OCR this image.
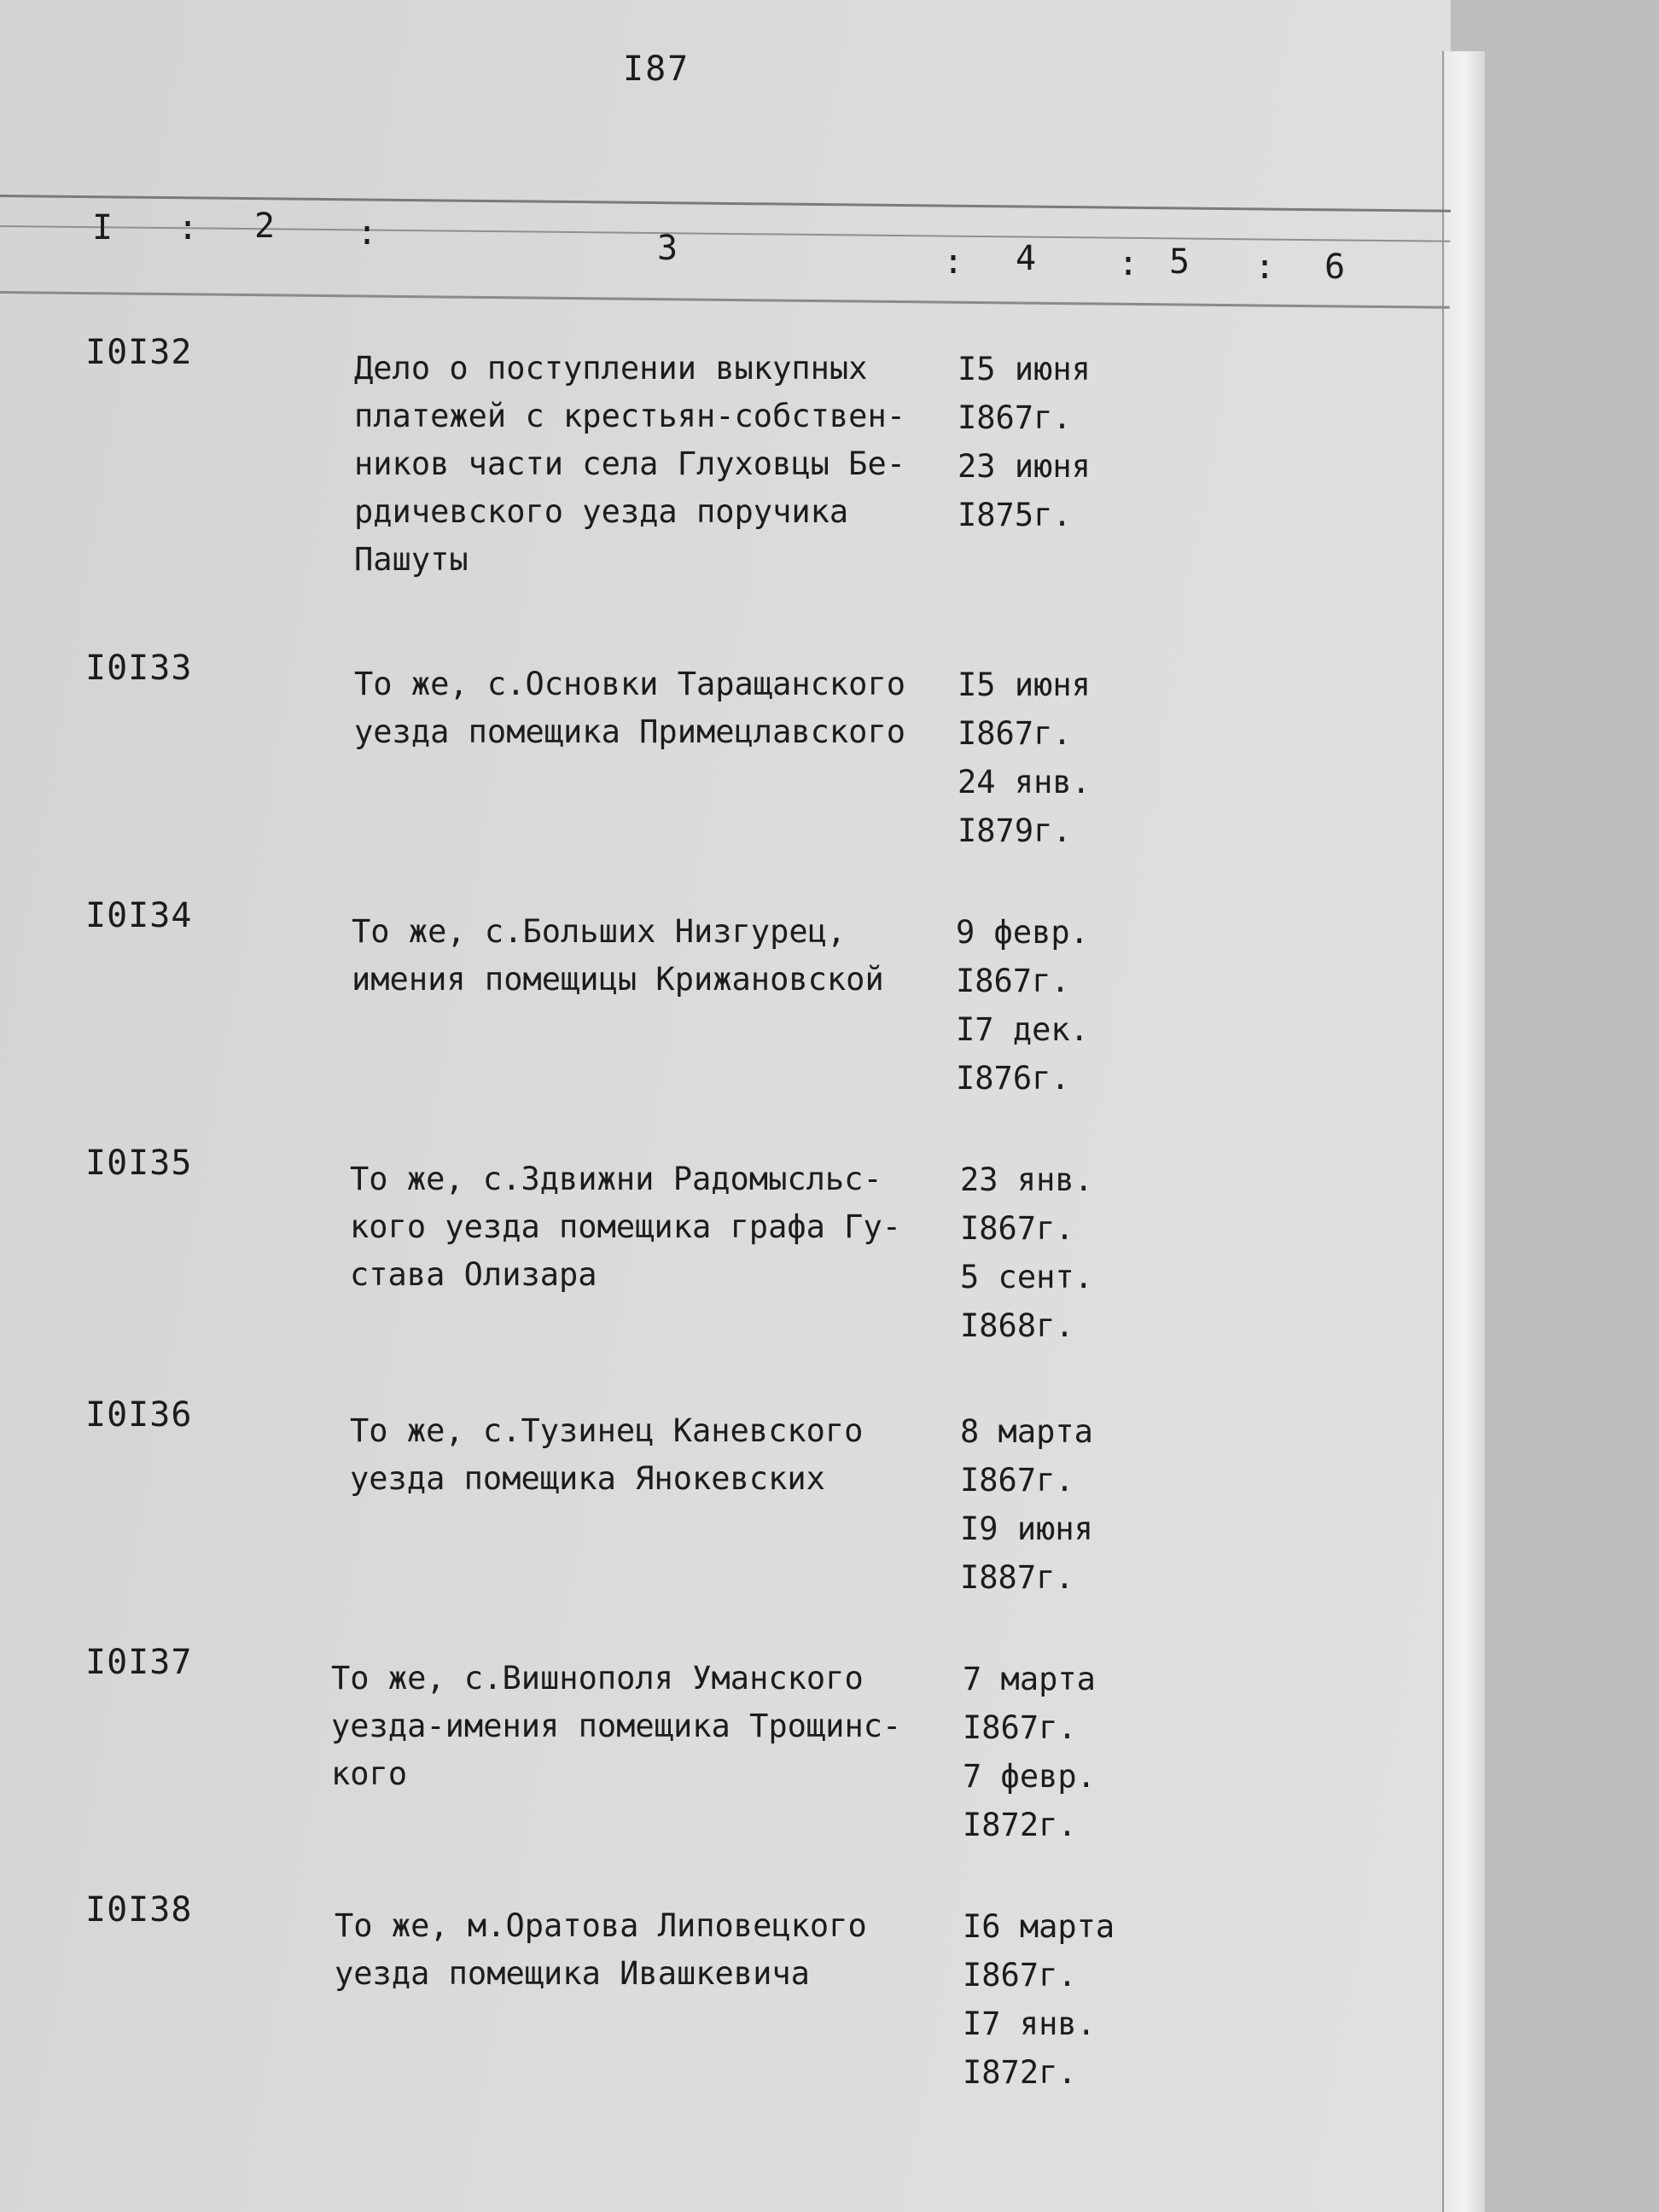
I87
I : 2 :	3	: 4 : 5 : 6
I0I32	Дело о поступлении выкупных
платежей с крестьян-собствен-
ников части села Глуховцы Бе-
рдичевского уезда поручика
Пашуты
I5 июня
I867г.
23 июня
I875г.
I0I33	То же, с.Основки Таращанского
уезда помещика Примецлавского
I5 июня
I867г.
24 янв.
I879г.
I0I34	То же, с.Больших Низгурец,
имения помещицы Крижановской
9 февр.
I867г.
I7 дек.
I876г.
I0I35	То же, с.Здвижни Радомысльс-
кого уезда помещика графа Гу-
става Олизара
23 янв.
I867г.
5 сент.
I868г.
I0I36	То же, с.Тузинец Каневского
уезда помещика Янокевских
8 марта
I867г.
I9 июня
I887г.
I0I37	То же, с.Вишнополя Уманского
уезда-имения помещика Трощинс-
кого
7 марта
I867г.
7 февр.
I872г.
I0I38	То же, м.Оратова Липовецкого
уезда помещика Ивашкевича
I6 марта
I867г.
I7 янв.
I872г.
